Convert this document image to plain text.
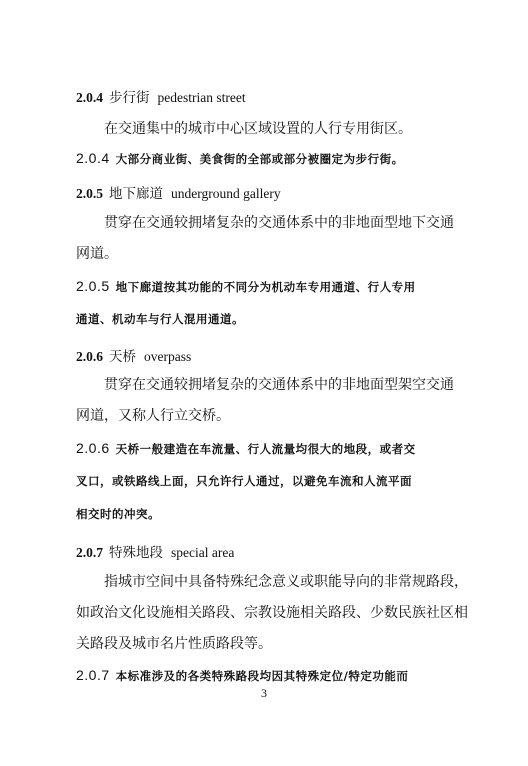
2.0.4 步行街 pedestrian street
在交通集中的城市中心区域设置的人行专用街区。
2.0.4 大部分商业街、美食街的全部或部分被圈定为步行街。
2.0.5 地下廊道 underground gallery
贯穿在交通较拥堵复杂的交通体系中的非地面型地下交通
网道。
2.0.5 地下廊道按其功能的不同分为机动车专用通道、行人专用
通道、机动车与行人混用通道。
2.0.6 天桥 overpass
贯穿在交通较拥堵复杂的交通体系中的非地面型架空交通
网道，又称人行立交桥。
2.0.6 天桥一般建造在车流量、行人流量均很大的地段，或者交
叉口，或铁路线上面，只允许行人通过，以避免车流和人流平面
相交时的冲突。
2.0.7 特殊地段 special area
指城市空间中具备特殊纪念意义或职能导向的非常规路段，
如政治文化设施相关路段、宗教设施相关路段、少数民族社区相
关路段及城市名片性质路段等。
2.0.7 本标准涉及的各类特殊路段均因其特殊定位/特定功能而
3
